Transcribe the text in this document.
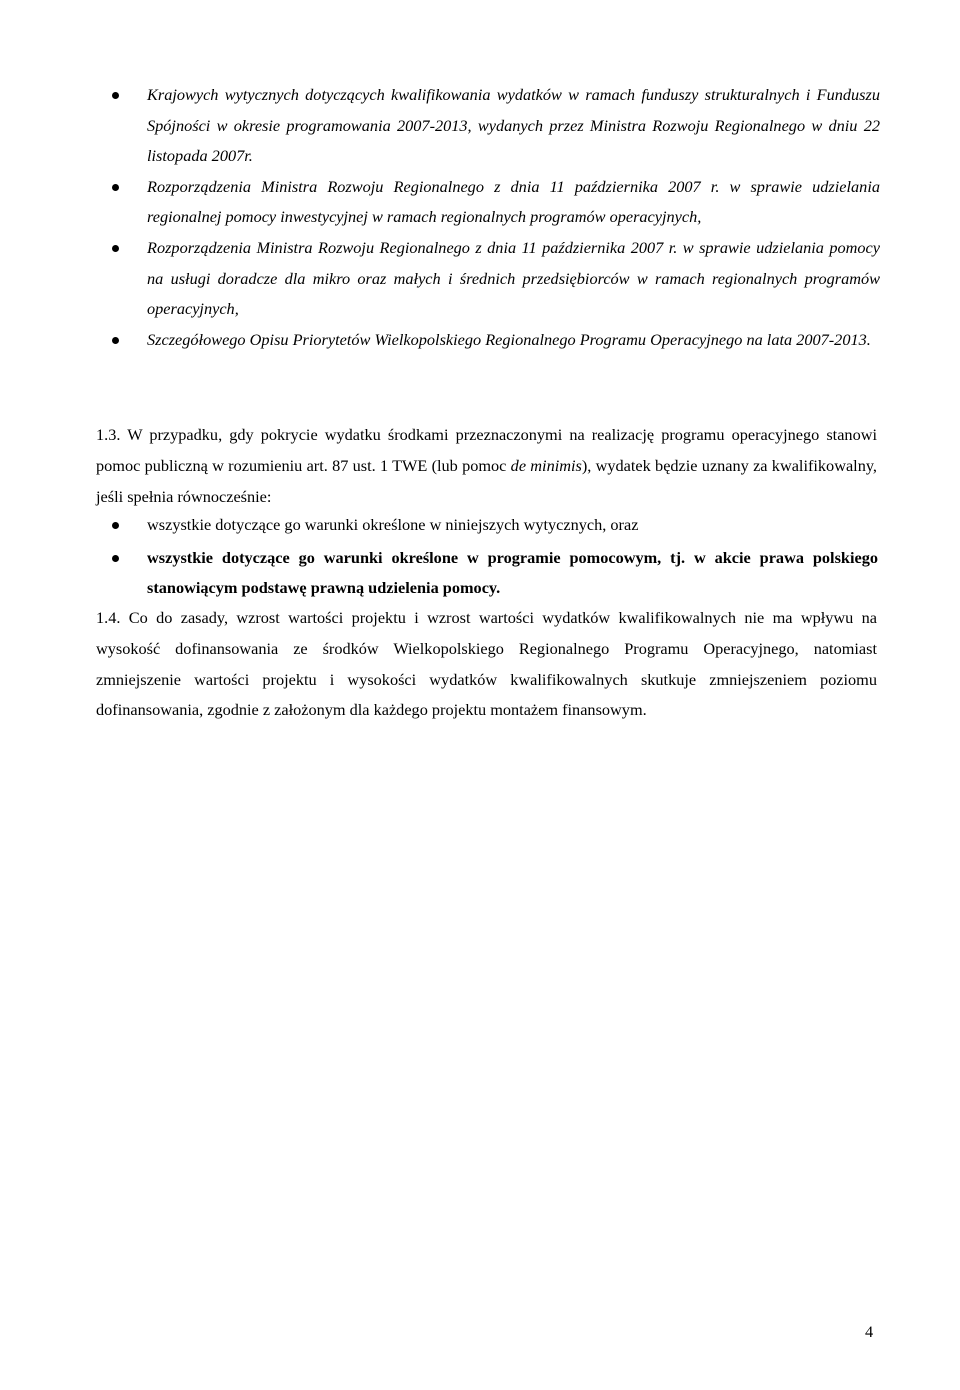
Krajowych wytycznych dotyczących kwalifikowania wydatków w ramach funduszy strukturalnych i Funduszu Spójności w okresie programowania 2007-2013, wydanych przez Ministra Rozwoju Regionalnego w dniu 22 listopada 2007r.
Rozporządzenia Ministra Rozwoju Regionalnego z dnia 11 października 2007 r. w sprawie udzielania regionalnej pomocy inwestycyjnej w ramach regionalnych programów operacyjnych,
Rozporządzenia Ministra Rozwoju Regionalnego z dnia 11 października 2007 r. w sprawie udzielania pomocy na usługi doradcze dla mikro oraz małych i średnich przedsiębiorców w ramach regionalnych programów operacyjnych,
Szczegółowego Opisu Priorytetów Wielkopolskiego Regionalnego Programu Operacyjnego na lata 2007-2013.
1.3. W przypadku, gdy pokrycie wydatku środkami przeznaczonymi na realizację programu operacyjnego stanowi pomoc publiczną w rozumieniu art. 87 ust. 1 TWE (lub pomoc de minimis), wydatek będzie uznany za kwalifikowalny, jeśli spełnia równocześnie:
wszystkie dotyczące go warunki określone w niniejszych wytycznych, oraz
wszystkie dotyczące go warunki określone w programie pomocowym, tj. w akcie prawa polskiego stanowiącym podstawę prawną udzielenia pomocy.
1.4. Co do zasady, wzrost wartości projektu i wzrost wartości wydatków kwalifikowalnych nie ma wpływu na wysokość dofinansowania ze środków Wielkopolskiego Regionalnego Programu Operacyjnego, natomiast zmniejszenie wartości projektu i wysokości wydatków kwalifikowalnych skutkuje zmniejszeniem poziomu dofinansowania, zgodnie z założonym dla każdego projektu montażem finansowym.
4
